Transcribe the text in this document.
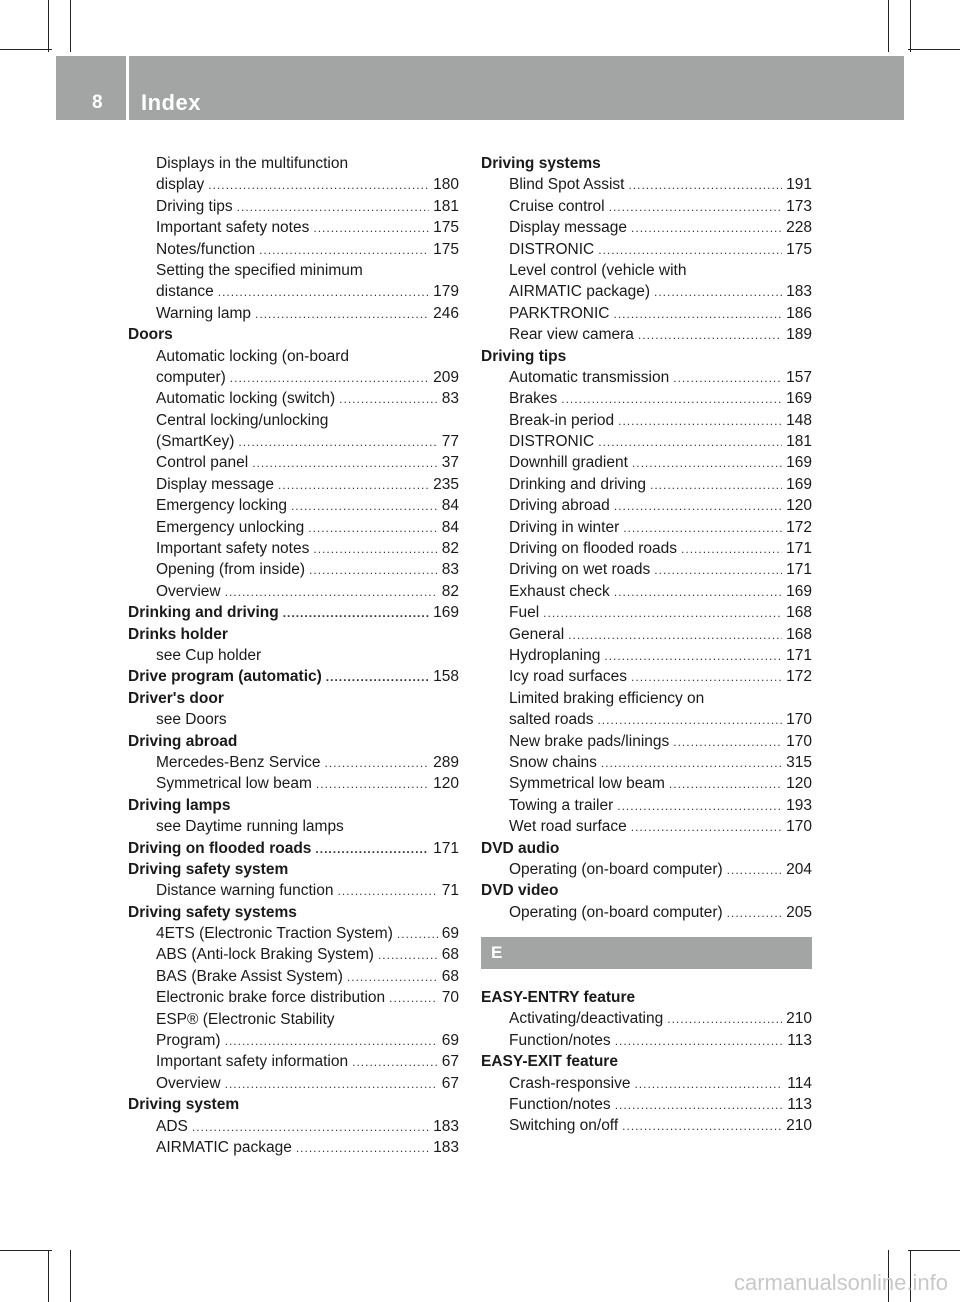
8 Index
Displays in the multifunction
display .....	180
Driving tips .....	181
Important safety notes .....	175
Notes/function .....	175
Setting the specified minimum
distance .....	179
Warning lamp .....	246
Doors
Automatic locking (on-board
computer) .....	209
Automatic locking (switch) .....	83
Central locking/unlocking
(SmartKey) .....	77
Control panel .....	37
Display message .....	235
Emergency locking .....	84
Emergency unlocking .....	84
Important safety notes .....	82
Opening (from inside) .....	83
Overview .....	82
Drinking and driving .....	169
Drinks holder
see Cup holder
Drive program (automatic) .....	158
Driver's door
see Doors
Driving abroad
Mercedes-Benz Service .....	289
Symmetrical low beam .....	120
Driving lamps
see Daytime running lamps
Driving on flooded roads .....	171
Driving safety system
Distance warning function .....	71
Driving safety systems
4ETS (Electronic Traction System) .....	69
ABS (Anti-lock Braking System) .....	68
BAS (Brake Assist System) .....	68
Electronic brake force distribution .....	70
ESP® (Electronic Stability
Program) .....	69
Important safety information .....	67
Overview .....	67
Driving system
ADS .....	183
AIRMATIC package .....	183
Driving systems
Blind Spot Assist .....	191
Cruise control .....	173
Display message .....	228
DISTRONIC .....	175
Level control (vehicle with
AIRMATIC package) .....	183
PARKTRONIC .....	186
Rear view camera .....	189
Driving tips
Automatic transmission .....	157
Brakes .....	169
Break-in period .....	148
DISTRONIC .....	181
Downhill gradient .....	169
Drinking and driving .....	169
Driving abroad .....	120
Driving in winter .....	172
Driving on flooded roads .....	171
Driving on wet roads .....	171
Exhaust check .....	169
Fuel .....	168
General .....	168
Hydroplaning .....	171
Icy road surfaces .....	172
Limited braking efficiency on
salted roads .....	170
New brake pads/linings .....	170
Snow chains .....	315
Symmetrical low beam .....	120
Towing a trailer .....	193
Wet road surface .....	170
DVD audio
Operating (on-board computer) .....	204
DVD video
Operating (on-board computer) .....	205
E
EASY-ENTRY feature
Activating/deactivating .....	210
Function/notes .....	113
EASY-EXIT feature
Crash-responsive .....	114
Function/notes .....	113
Switching on/off .....	210
carmanualsonline.info
